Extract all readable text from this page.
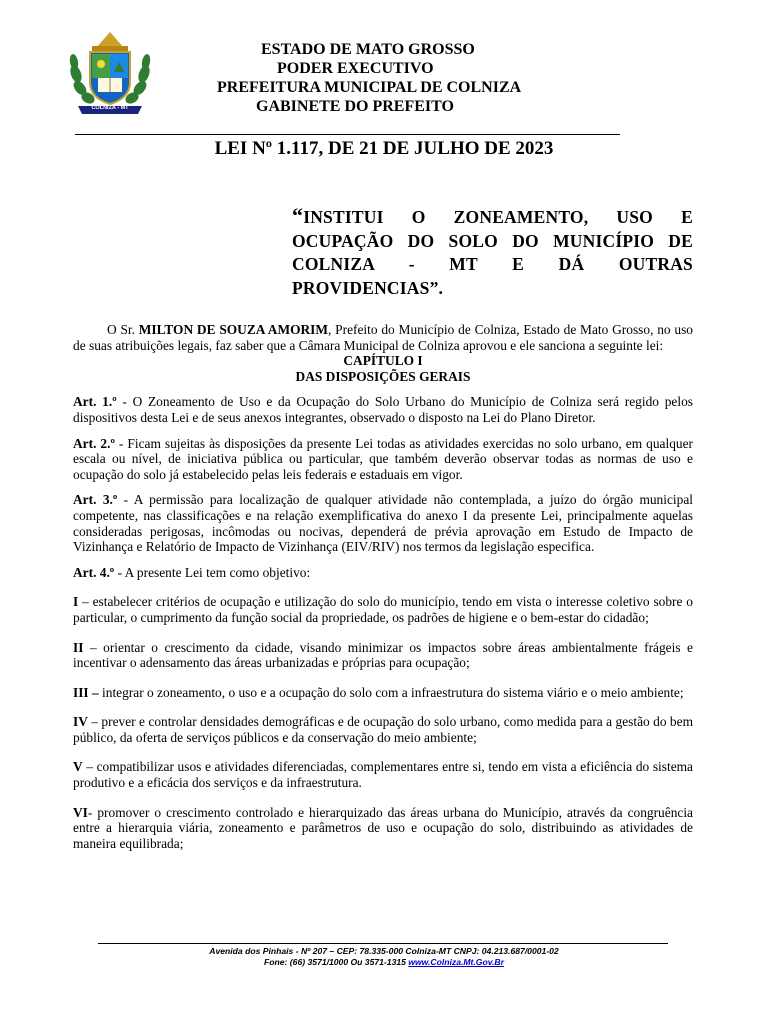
COLNIZA - MT
ESTADO DE MATO GROSSO
PODER EXECUTIVO
PREFEITURA MUNICIPAL DE COLNIZA
GABINETE DO PREFEITO
LEI Nº 1.117, DE 21 DE JULHO DE 2023
“INSTITUI O ZONEAMENTO, USO E OCUPAÇÃO DO SOLO DO MUNICÍPIO DE COLNIZA - MT E DÁ OUTRAS PROVIDENCIAS”.

O Sr. MILTON DE SOUZA AMORIM, Prefeito do Município de Colniza, Estado de Mato Grosso, no uso de suas atribuições legais, faz saber que a Câmara Municipal de Colniza aprovou e ele sanciona a seguinte lei:

CAPÍTULO I
DAS DISPOSIÇÕES GERAIS

Art. 1.º - O Zoneamento de Uso e da Ocupação do Solo Urbano do Município de Colniza será regido pelos dispositivos desta Lei e de seus anexos integrantes, observado o disposto na Lei do Plano Diretor.

Art. 2.º - Ficam sujeitas às disposições da presente Lei todas as atividades exercidas no solo urbano, em qualquer escala ou nível, de iniciativa pública ou particular, que também deverão observar todas as normas de uso e ocupação do solo já estabelecido pelas leis federais e estaduais em vigor.

Art. 3.º - A permissão para localização de qualquer atividade não contemplada, a juízo do órgão municipal competente, nas classificações e na relação exemplificativa do anexo I da presente Lei, principalmente aquelas consideradas perigosas, incômodas ou nocivas, dependerá de prévia aprovação em Estudo de Impacto de Vizinhança e Relatório de Impacto de Vizinhança (EIV/RIV) nos termos da legislação especifica.

Art. 4.º - A presente Lei tem como objetivo:

I – estabelecer critérios de ocupação e utilização do solo do município, tendo em vista o interesse coletivo sobre o particular, o cumprimento da função social da propriedade, os padrões de higiene e o bem-estar do cidadão;

II – orientar o crescimento da cidade, visando minimizar os impactos sobre áreas ambientalmente frágeis e incentivar o adensamento das áreas urbanizadas e próprias para ocupação;

III – integrar o zoneamento, o uso e a ocupação do solo com a infraestrutura do sistema viário e o meio ambiente;

IV – prever e controlar densidades demográficas e de ocupação do solo urbano, como medida para a gestão do bem público, da oferta de serviços públicos e da conservação do meio ambiente;

V – compatibilizar usos e atividades diferenciadas, complementares entre si, tendo em vista a eficiência do sistema produtivo e a eficácia dos serviços e da infraestrutura.

VI- promover o crescimento controlado e hierarquizado das áreas urbana do Município, através da congruência entre a hierarquia viária, zoneamento e parâmetros de uso e ocupação do solo, distribuindo as atividades de maneira equilibrada;

Avenida dos Pinhais - Nº 207 – CEP: 78.335-000 Colniza-MT CNPJ: 04.213.687/0001-02
Fone: (66) 3571/1000 Ou 3571-1315 www.Colniza.Mt.Gov.Br
